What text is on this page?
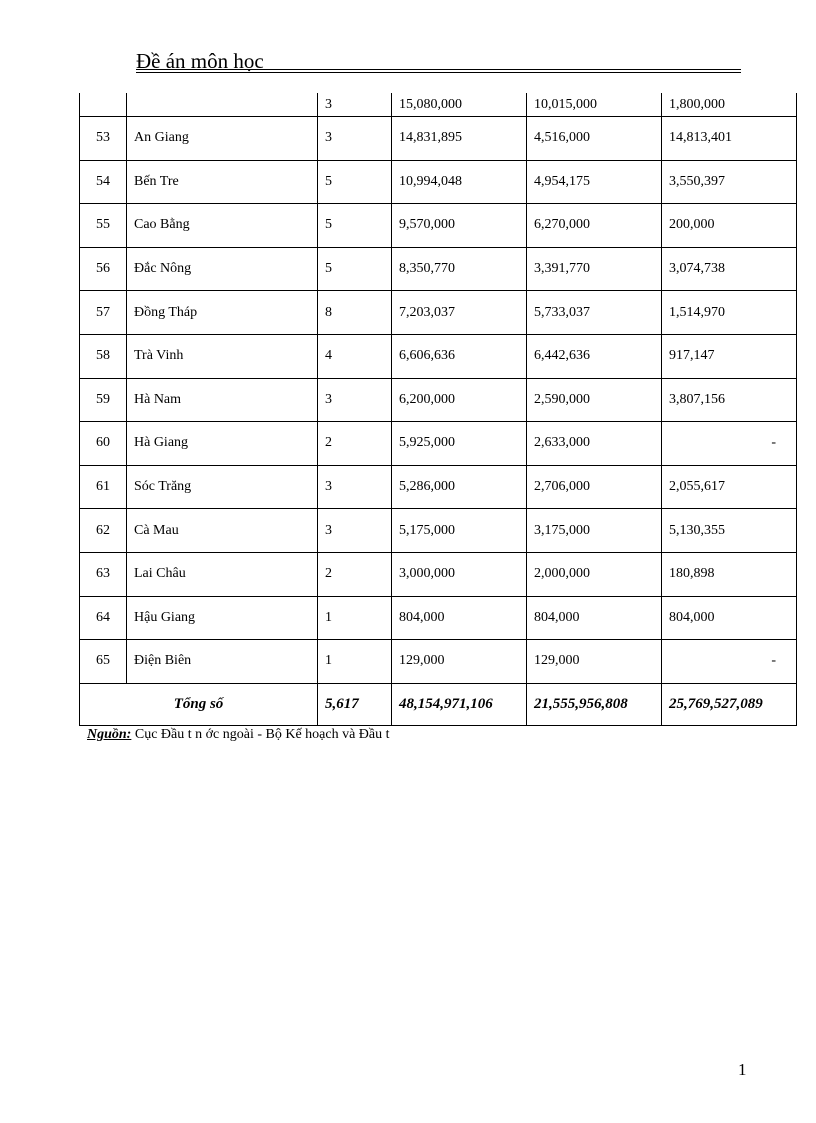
Đề án môn học
		3	15,080,000	10,015,000	1,800,000
53	An Giang	3	14,831,895	4,516,000	14,813,401
54	Bến Tre	5	10,994,048	4,954,175	3,550,397
55	Cao Bằng	5	9,570,000	6,270,000	200,000
56	Đắc Nông	5	8,350,770	3,391,770	3,074,738
57	Đồng Tháp	8	7,203,037	5,733,037	1,514,970
58	Trà Vinh	4	6,606,636	6,442,636	917,147
59	Hà Nam	3	6,200,000	2,590,000	3,807,156
60	Hà Giang	2	5,925,000	2,633,000	-
61	Sóc Trăng	3	5,286,000	2,706,000	2,055,617
62	Cà Mau	3	5,175,000	3,175,000	5,130,355
63	Lai Châu	2	3,000,000	2,000,000	180,898
64	Hậu Giang	1	804,000	804,000	804,000
65	Điện Biên	1	129,000	129,000	-
Tổng số		5,617	48,154,971,106	21,555,956,808	25,769,527,089
Nguồn: Cục Đầu t n ớc ngoài - Bộ Kế hoạch và Đầu t
1
